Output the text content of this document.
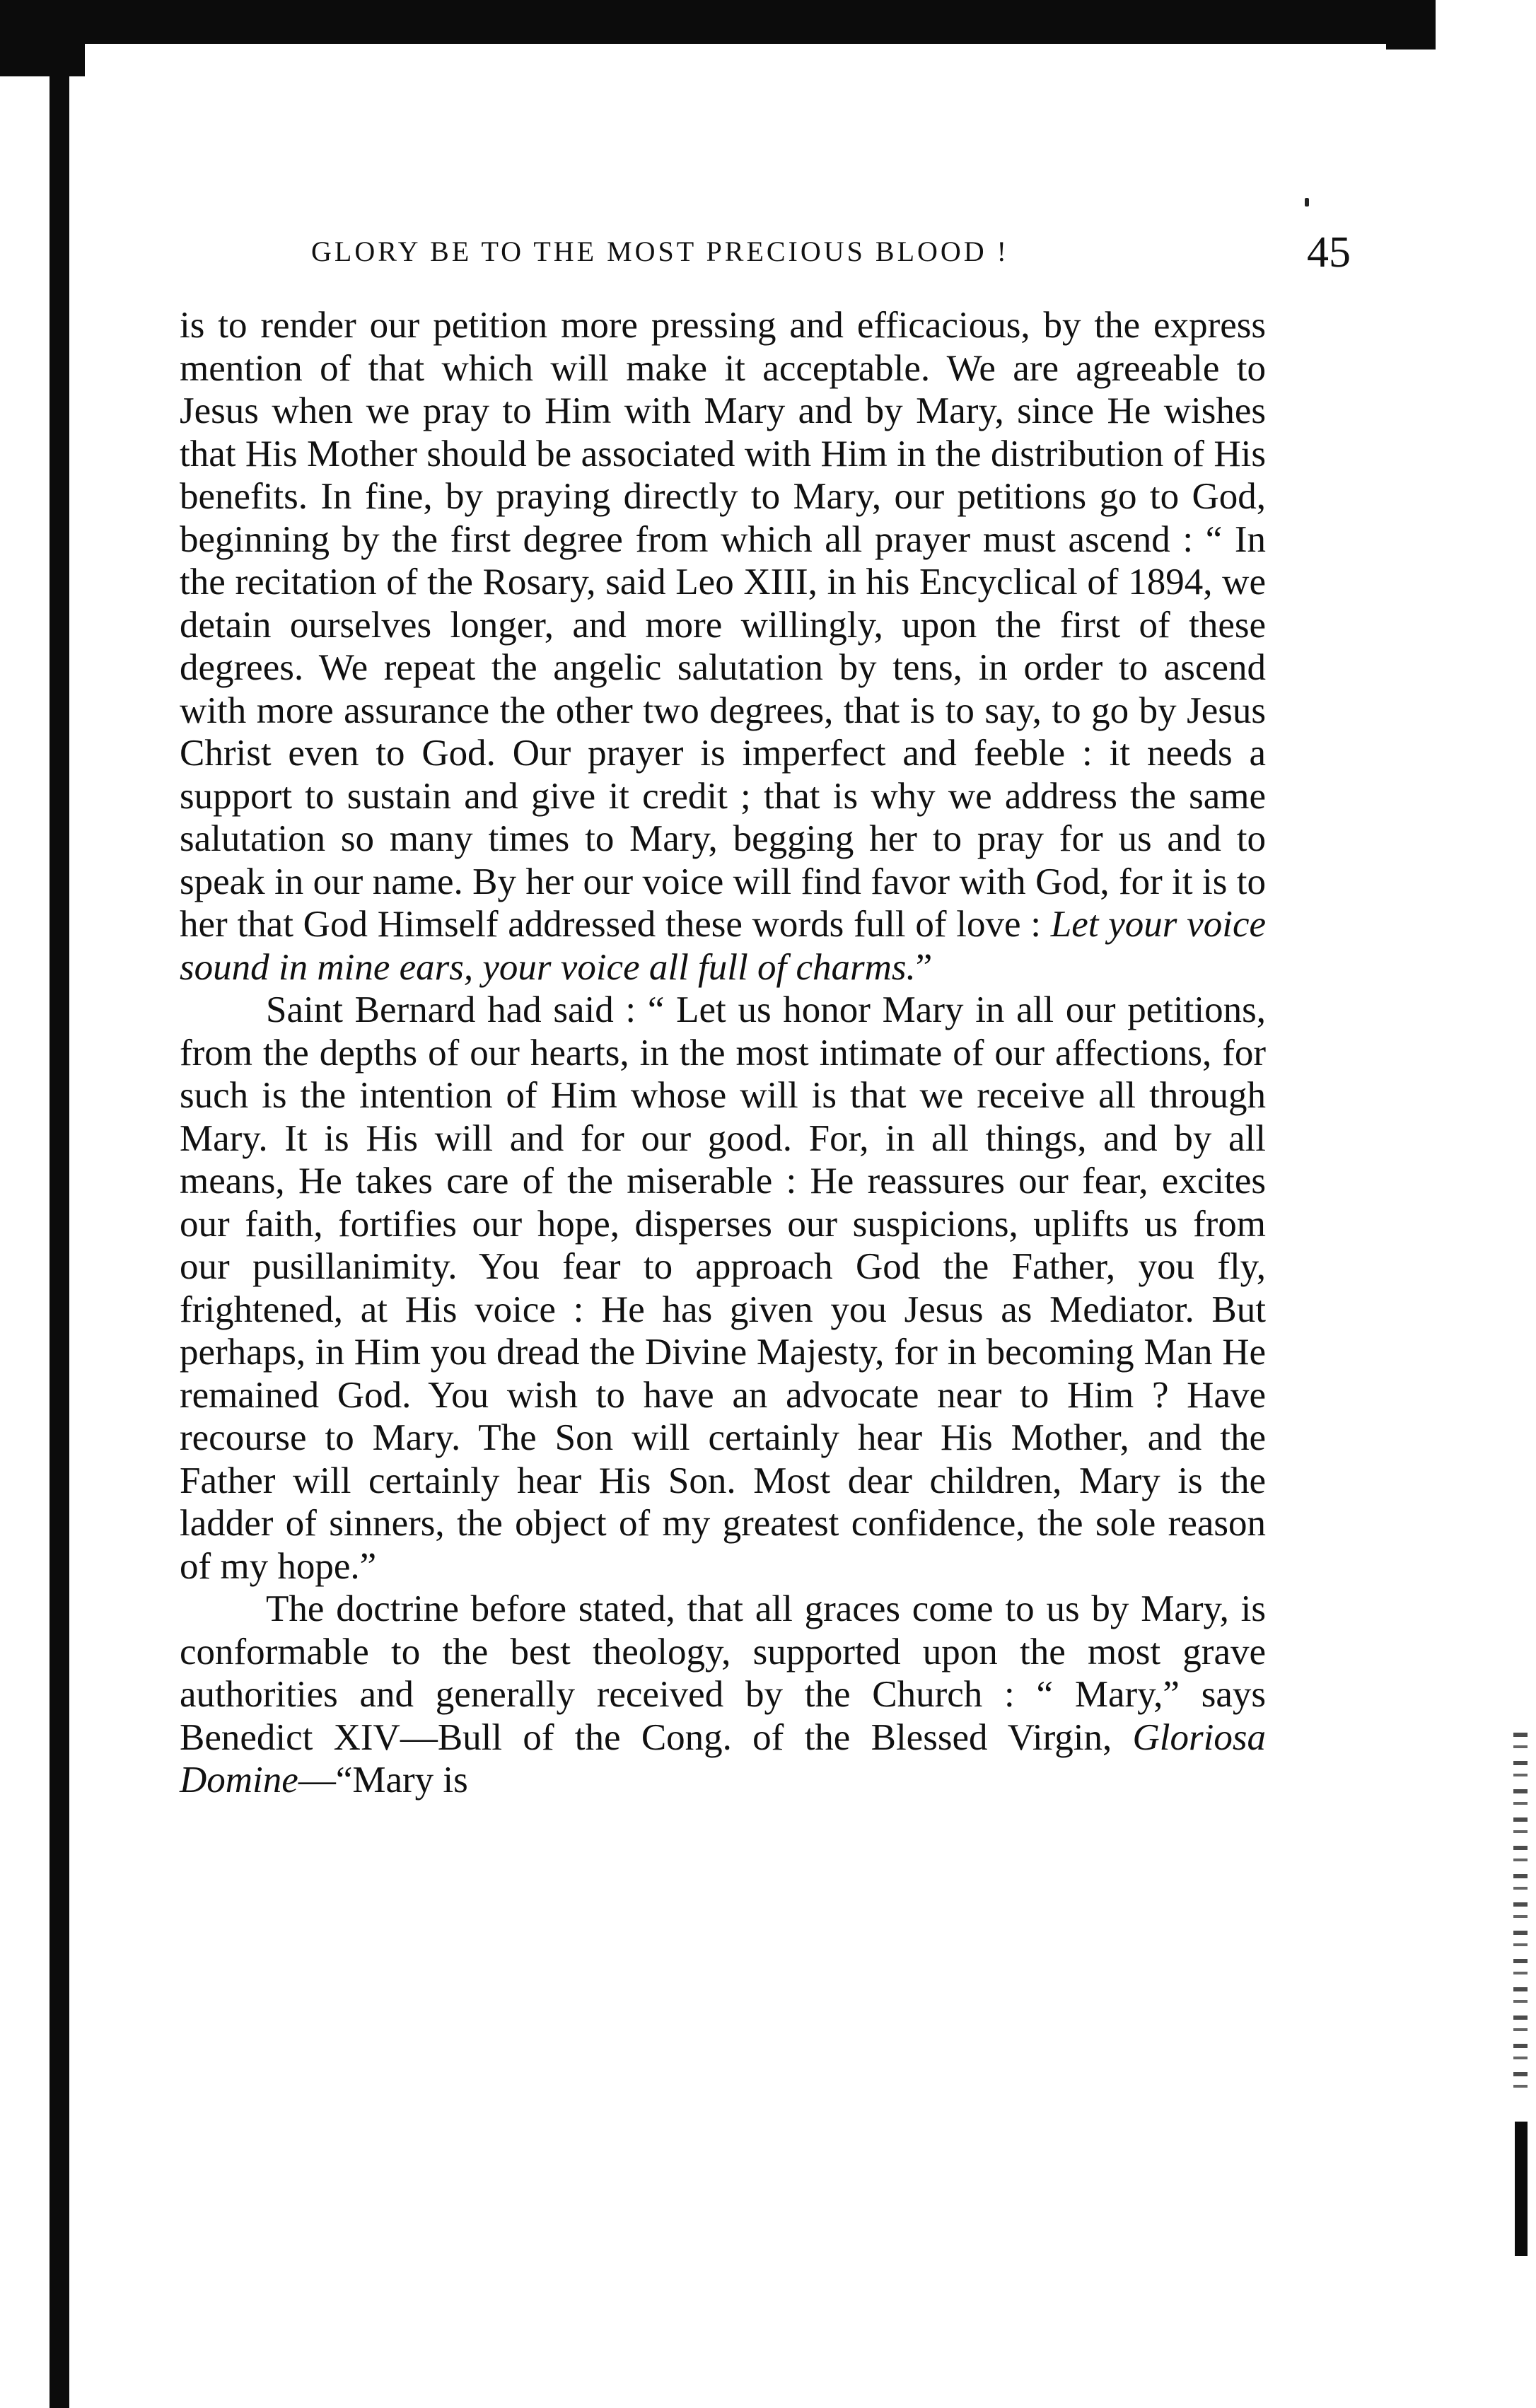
GLORY BE TO THE MOST PRECIOUS BLOOD !	45

is to render our petition more pressing and efficacious, by the express mention of that which will make it acceptable. We are agreeable to Jesus when we pray to Him with Mary and by Mary, since He wishes that His Mother should be associated with Him in the distribution of His benefits. In fine, by praying directly to Mary, our petitions go to God, beginning by the first degree from which all prayer must ascend : “ In the recitation of the Rosary, said Leo XIII, in his Encyclical of 1894, we detain ourselves longer, and more willingly, upon the first of these degrees. We repeat the angelic salutation by tens, in order to ascend with more assurance the other two degrees, that is to say, to go by Jesus Christ even to God. Our prayer is imperfect and feeble : it needs a support to sustain and give it credit ; that is why we address the same salutation so many times to Mary, begging her to pray for us and to speak in our name. By her our voice will find favor with God, for it is to her that God Himself addressed these words full of love : Let your voice sound in mine ears, your voice all full of charms.”

Saint Bernard had said : “ Let us honor Mary in all our petitions, from the depths of our hearts, in the most intimate of our affections, for such is the intention of Him whose will is that we receive all through Mary. It is His will and for our good. For, in all things, and by all means, He takes care of the miserable : He reassures our fear, excites our faith, fortifies our hope, disperses our suspicions, uplifts us from our pusillanimity. You fear to approach God the Father, you fly, frightened, at His voice : He has given you Jesus as Mediator. But perhaps, in Him you dread the Divine Majesty, for in becoming Man He remained God. You wish to have an advocate near to Him ? Have recourse to Mary. The Son will certainly hear His Mother, and the Father will certainly hear His Son. Most dear children, Mary is the ladder of sinners, the object of my greatest confidence, the sole reason of my hope.”

The doctrine before stated, that all graces come to us by Mary, is conformable to the best theology, supported upon the most grave authorities and generally received by the Church : “ Mary,” says Benedict XIV—Bull of the Cong. of the Blessed Virgin, Gloriosa Domine—“Mary is
